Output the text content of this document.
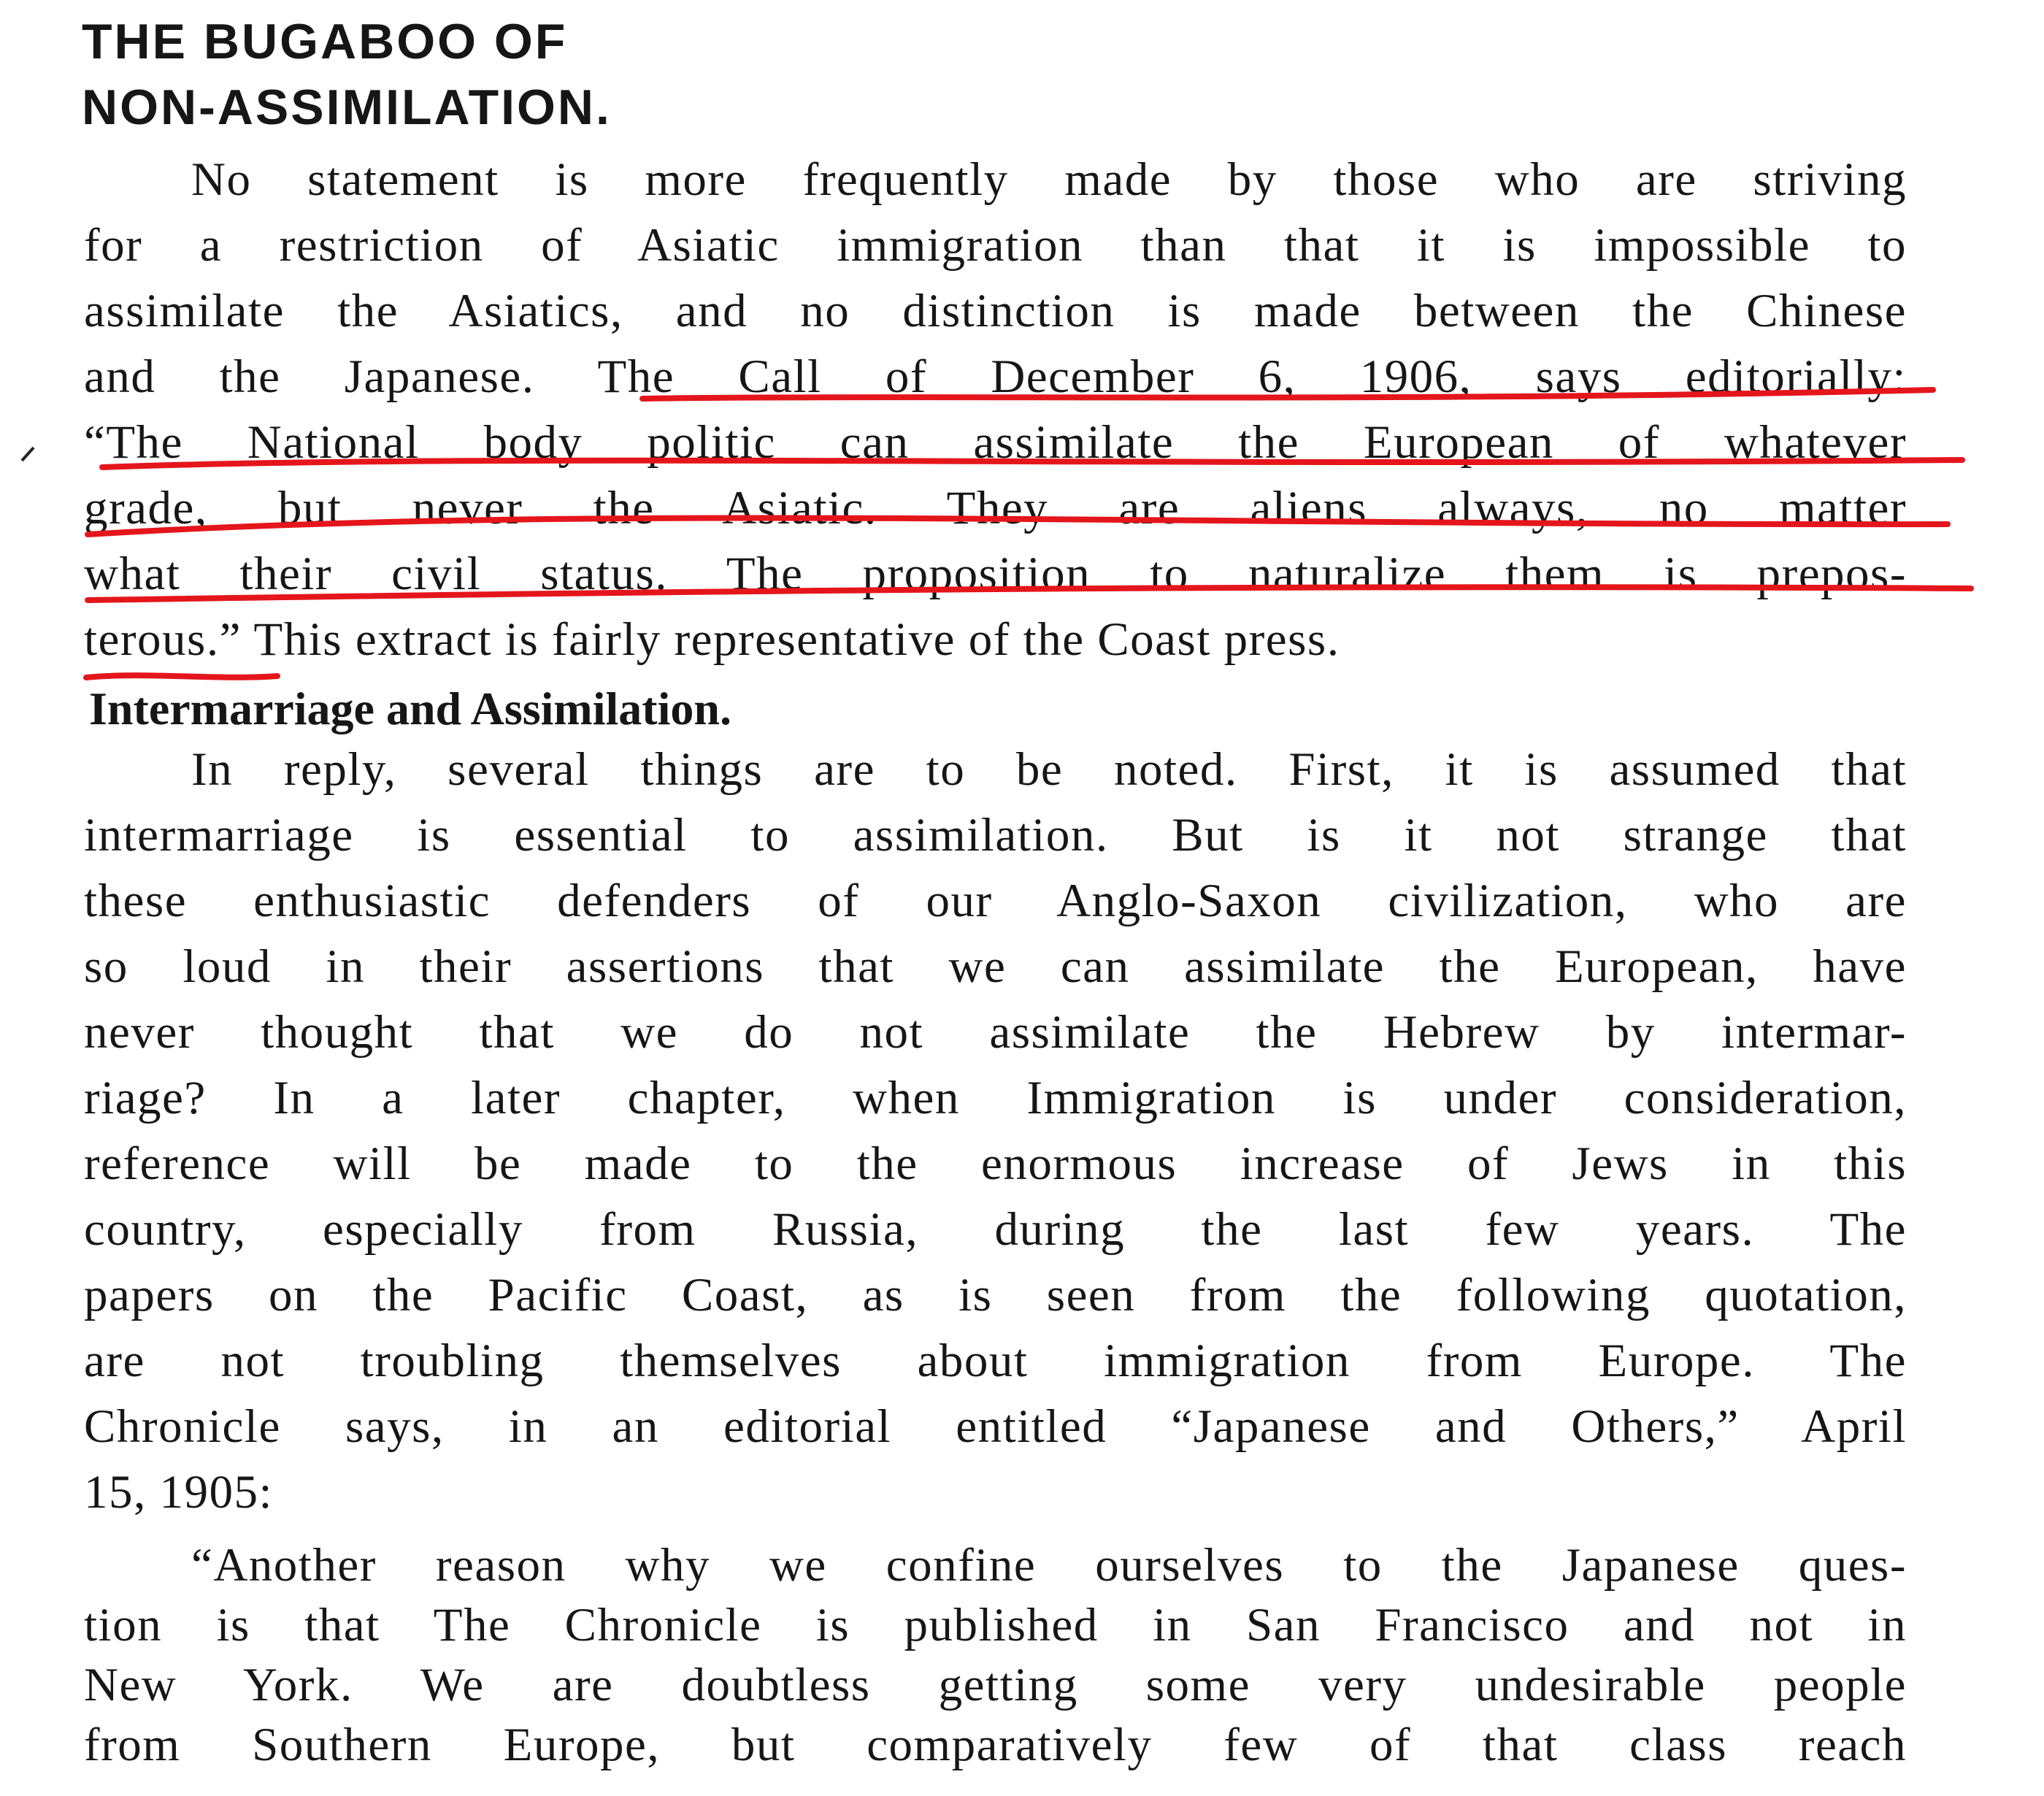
THE BUGABOO OF
NON-ASSIMILATION.
No statement is more frequently made by those who are striving
for a restriction of Asiatic immigration than that it is impossible to
assimilate the Asiatics, and no distinction is made between the Chinese
and the Japanese. The Call of December 6, 1906, says editorially:
“The National body politic can assimilate the European of whatever
grade, but never the Asiatic. They are aliens always, no matter
what their civil status. The proposition to naturalize them is prepos-
terous.” This extract is fairly representative of the Coast press.
Intermarriage and Assimilation.
In reply, several things are to be noted. First, it is assumed that
intermarriage is essential to assimilation. But is it not strange that
these enthusiastic defenders of our Anglo-Saxon civilization, who are
so loud in their assertions that we can assimilate the European, have
never thought that we do not assimilate the Hebrew by intermar-
riage? In a later chapter, when Immigration is under consideration,
reference will be made to the enormous increase of Jews in this
country, especially from Russia, during the last few years. The
papers on the Pacific Coast, as is seen from the following quotation,
are not troubling themselves about immigration from Europe. The
Chronicle says, in an editorial entitled “Japanese and Others,” April
15, 1905:
“Another reason why we confine ourselves to the Japanese ques-
tion is that The Chronicle is published in San Francisco and not in
New York. We are doubtless getting some very undesirable people
from Southern Europe, but comparatively few of that class reach
